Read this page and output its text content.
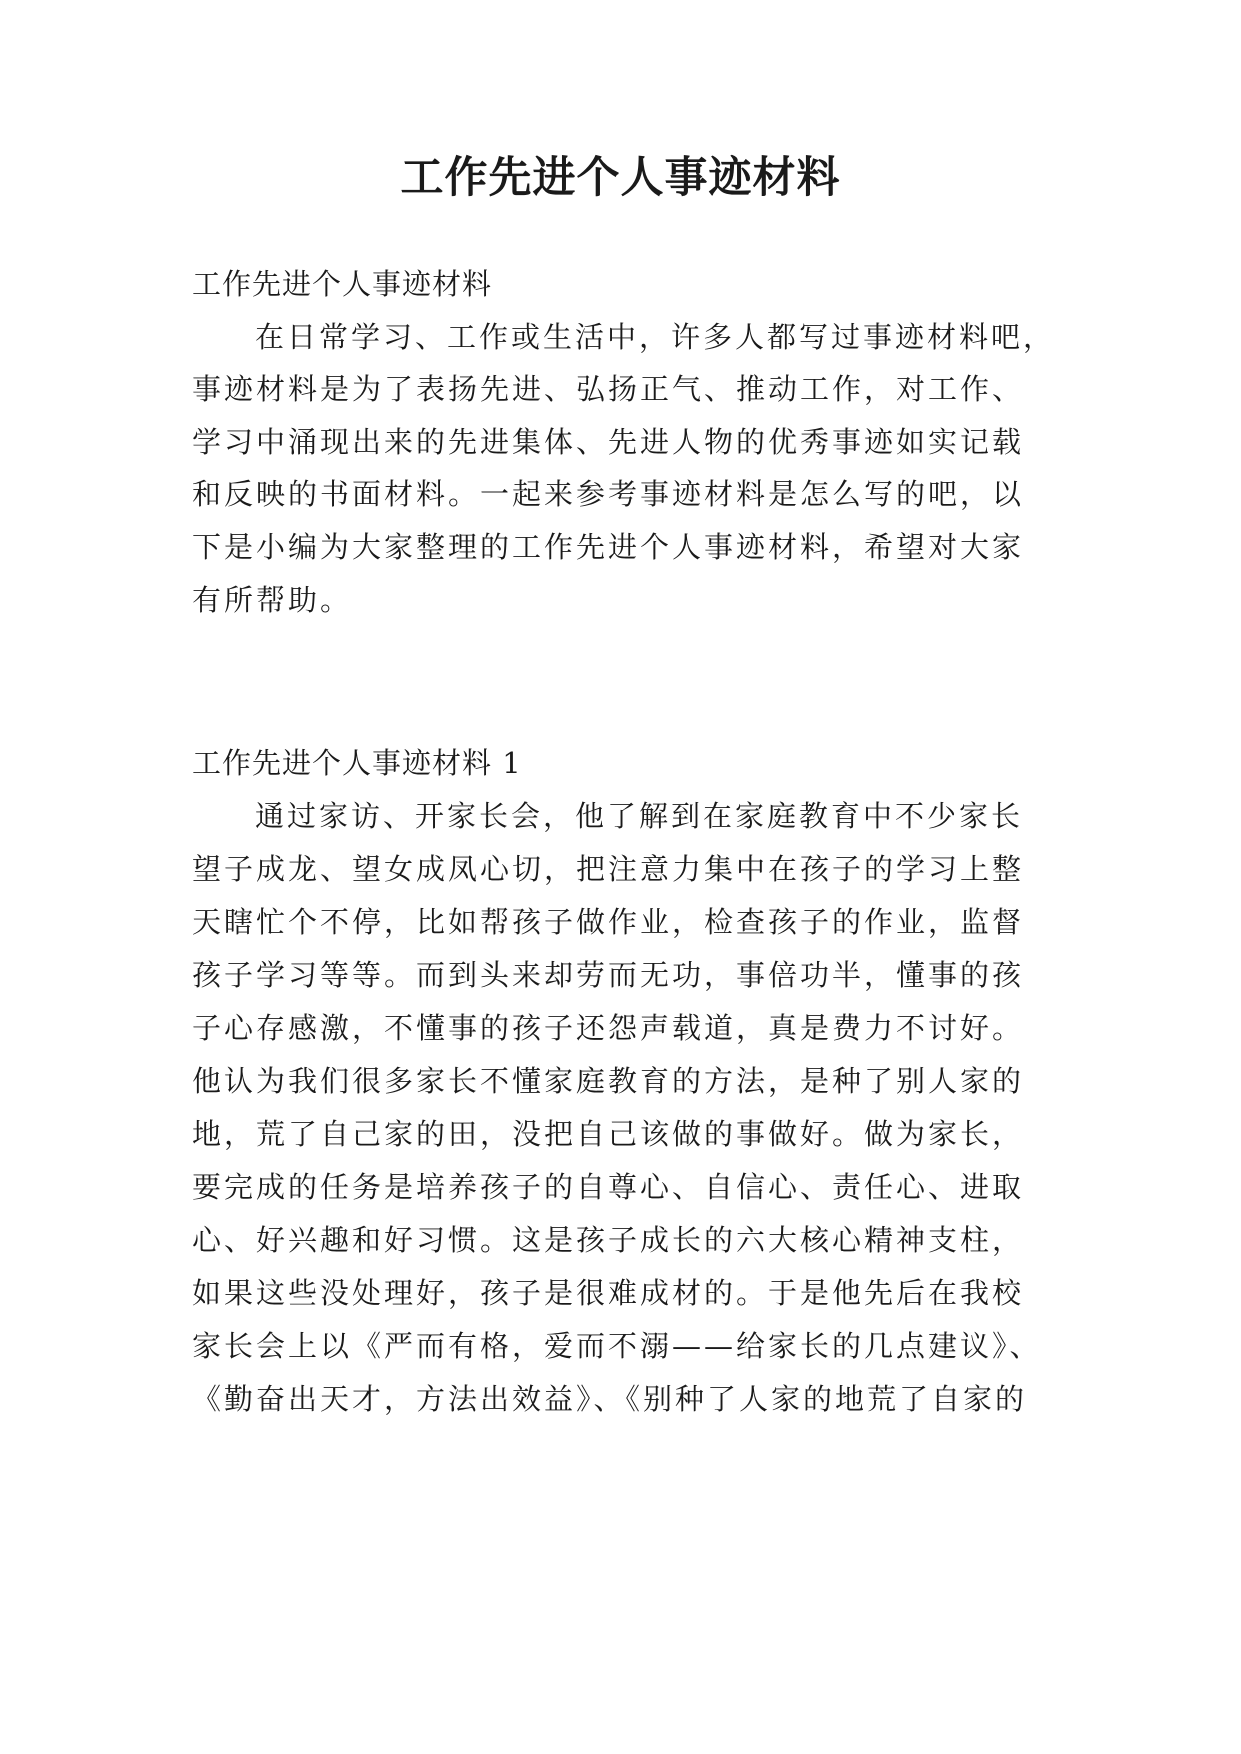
工作先进个人事迹材料
工作先进个人事迹材料
在日常学习、工作或生活中，许多人都写过事迹材料吧，
事迹材料是为了表扬先进、弘扬正气、推动工作，对工作、
学习中涌现出来的先进集体、先进人物的优秀事迹如实记载
和反映的书面材料。一起来参考事迹材料是怎么写的吧，以
下是小编为大家整理的工作先进个人事迹材料，希望对大家
有所帮助。
工作先进个人事迹材料 1
通过家访、开家长会，他了解到在家庭教育中不少家长
望子成龙、望女成凤心切，把注意力集中在孩子的学习上整
天瞎忙个不停，比如帮孩子做作业，检查孩子的作业，监督
孩子学习等等。而到头来却劳而无功，事倍功半，懂事的孩
子心存感激，不懂事的孩子还怨声载道，真是费力不讨好。
他认为我们很多家长不懂家庭教育的方法，是种了别人家的
地，荒了自己家的田，没把自己该做的事做好。做为家长，
要完成的任务是培养孩子的自尊心、自信心、责任心、进取
心、好兴趣和好习惯。这是孩子成长的六大核心精神支柱，
如果这些没处理好，孩子是很难成材的。于是他先后在我校
家长会上以《严而有格，爱而不溺——给家长的几点建议》、
《勤奋出天才，方法出效益》、《别种了人家的地荒了自家的
